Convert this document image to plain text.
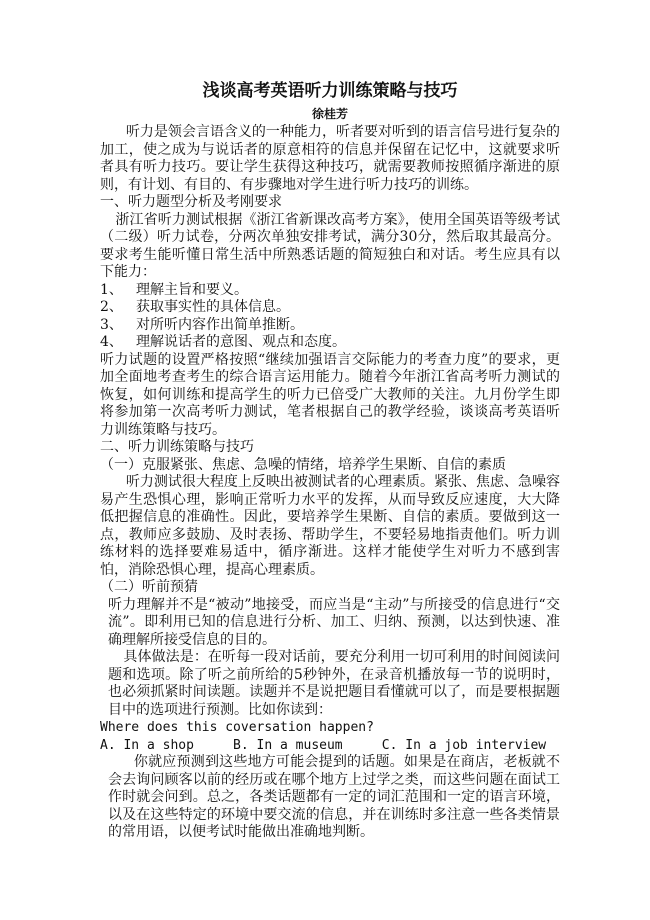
浅谈高考英语听力训练策略与技巧
徐桂芳

听力是领会言语含义的一种能力，听者要对听到的语言信号进行复杂的加工，使之成为与说话者的原意相符的信息并保留在记忆中，这就要求听者具有听力技巧。要让学生获得这种技巧，就需要教师按照循序渐进的原则，有计划、有目的、有步骤地对学生进行听力技巧的训练。

一、听力题型分析及考刚要求

浙江省听力测试根据《浙江省新课改高考方案》，使用全国英语等级考试（二级）听力试卷，分两次单独安排考试，满分30分，然后取其最高分。要求考生能听懂日常生活中所熟悉话题的简短独白和对话。考生应具有以下能力：

1、 理解主旨和要义。
2、 获取事实性的具体信息。
3、 对所听内容作出简单推断。
4、 理解说话者的意图、观点和态度。

听力试题的设置严格按照“继续加强语言交际能力的考查力度”的要求，更加全面地考查考生的综合语言运用能力。随着今年浙江省高考听力测试的恢复，如何训练和提高学生的听力已倍受广大教师的关注。九月份学生即将参加第一次高考听力测试，笔者根据自己的教学经验，谈谈高考英语听力训练策略与技巧。

二、听力训练策略与技巧
（一）克服紧张、焦虑、急噪的情绪，培养学生果断、自信的素质

听力测试很大程度上反映出被测试者的心理素质。紧张、焦虑、急噪容易产生恐惧心理，影响正常听力水平的发挥，从而导致反应速度，大大降低把握信息的准确性。因此，要培养学生果断、自信的素质。要做到这一点，教师应多鼓励、及时表扬、帮助学生，不要轻易地指责他们。听力训练材料的选择要难易适中，循序渐进。这样才能使学生对听力不感到害怕，消除恐惧心理，提高心理素质。

（二）听前预猜

听力理解并不是“被动”地接受，而应当是“主动”与所接受的信息进行“交流”。即利用已知的信息进行分析、加工、归纳、预测，以达到快速、准确理解所接受信息的目的。

具体做法是：在听每一段对话前，要充分利用一切可利用的时间阅读问题和选项。除了听之前所给的5秒钟外，在录音机播放每一节的说明时，也必须抓紧时间读题。读题并不是说把题目看懂就可以了，而是要根据题目中的选项进行预测。比如你读到：

Where does this coversation happen?
A. In a shop     B. In a museum     C. In a job interview

你就应预测到这些地方可能会提到的话题。如果是在商店，老板就不会去询问顾客以前的经历或在哪个地方上过学之类，而这些问题在面试工作时就会问到。总之，各类话题都有一定的词汇范围和一定的语言环境，以及在这些特定的环境中要交流的信息，并在训练时多注意一些各类情景的常用语，以便考试时能做出准确地判断。
